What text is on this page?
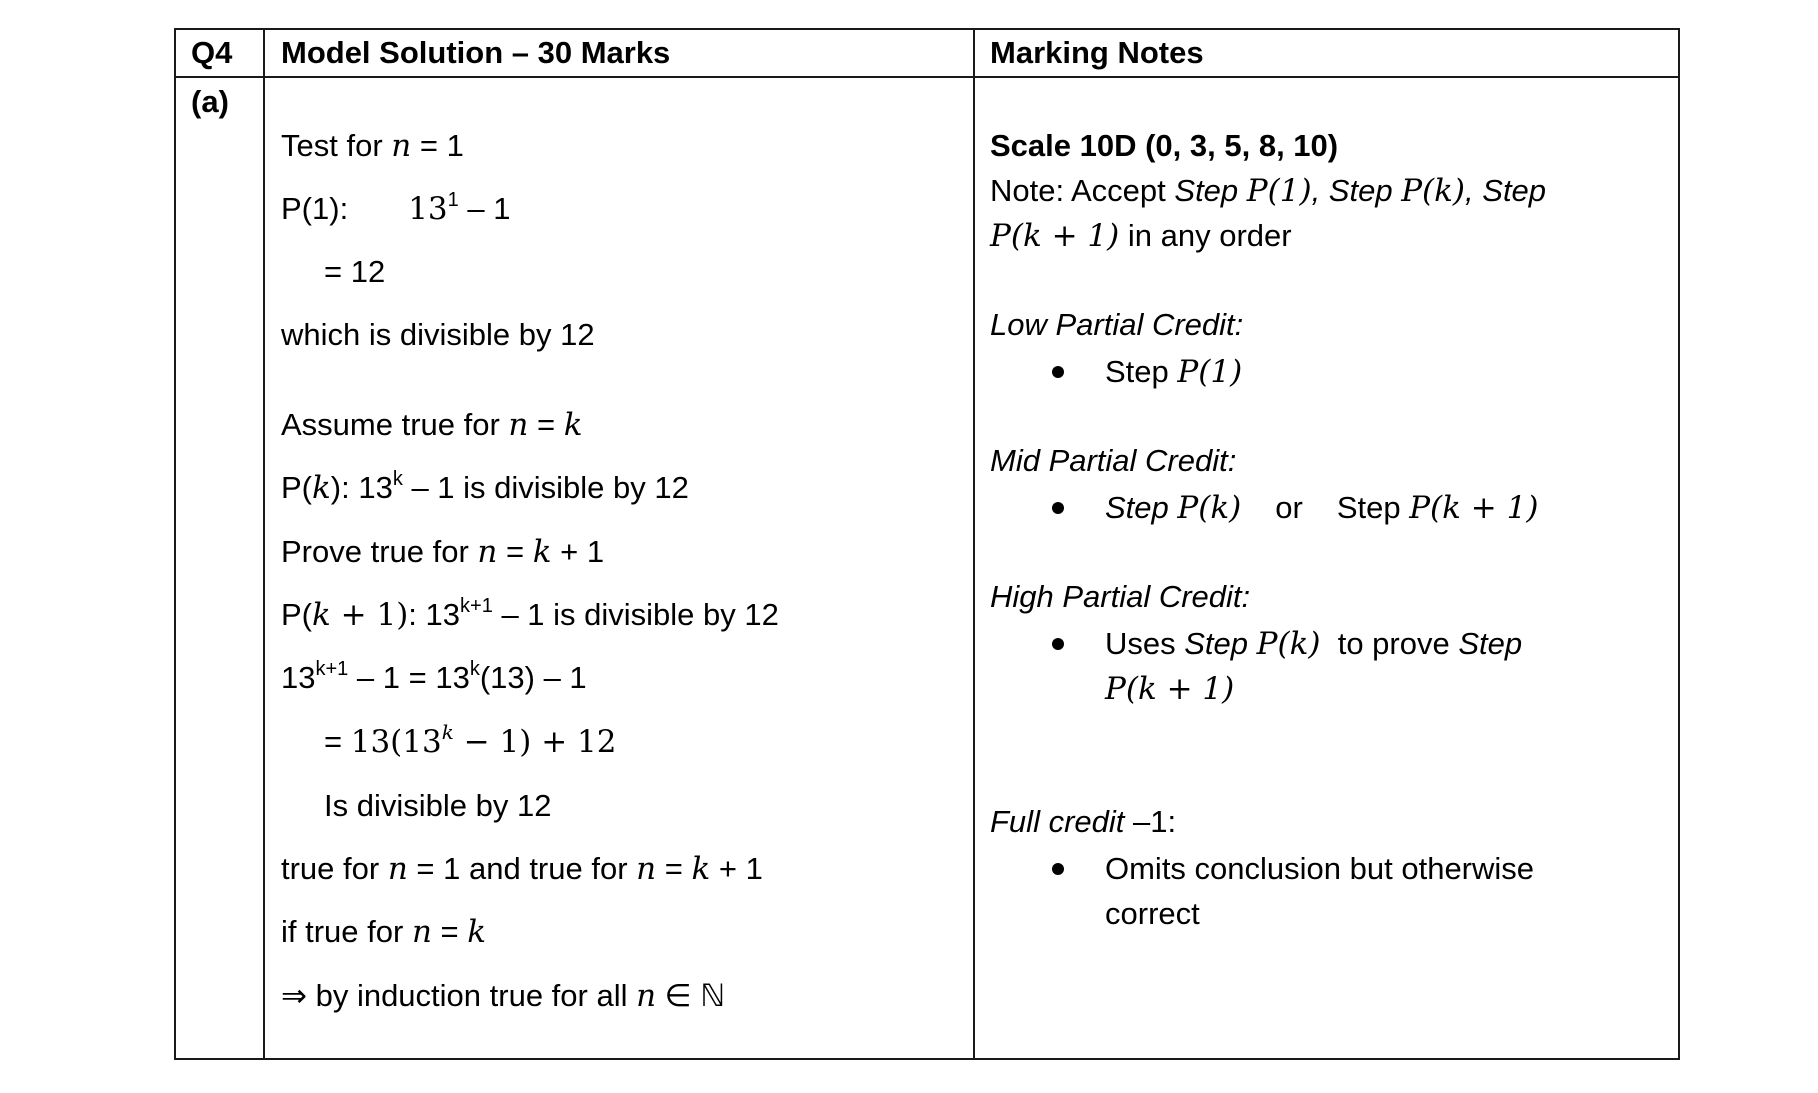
Q4 Model Solution – 30 Marks	Marking Notes
(a)
Test for n = 1
P(1): $13^1 - 1$
= 12
which is divisible by 12
Assume true for n = k
P(k): 13$^k$ – 1 is divisible by 12
Prove true for n = k + 1
P(k + 1): $13^{k+1} - 1$ is divisible by 12
$13^{k+1} - 1 = 13^k(13) - 1$
= $13(13^k - 1) + 12$
Is divisible by 12
true for n = 1 and true for n = k + 1
if true for n = k
⇒ by induction true for all n ∈ ℕ
Scale 10D (0, 3, 5, 8, 10)
Note: Accept Step P(1), Step P(k), Step
P(k + 1) in any order
Low Partial Credit:
Step P(1)
Mid Partial Credit:
Step P(k) or Step P(k + 1)
High Partial Credit:
Uses Step P(k)  to prove Step
P(k + 1)
Full credit –1:
Omits conclusion but otherwise
correct
